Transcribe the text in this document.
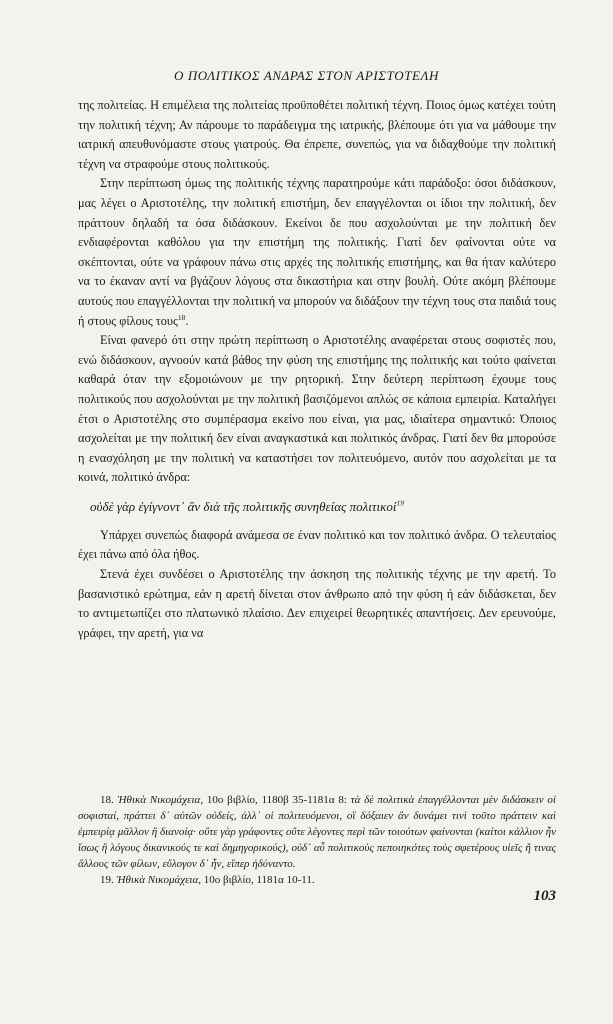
Ο ΠΟΛΙΤΙΚΟΣ ΑΝΔΡΑΣ ΣΤΟΝ ΑΡΙΣΤΟΤΕΛΗ

της πολιτείας. Η επιμέλεια της πολιτείας προϋποθέτει πολιτική τέχνη. Ποιος όμως κατέχει τούτη την πολιτική τέχνη; Αν πάρουμε το παράδειγμα της ιατρικής, βλέπουμε ότι για να μάθουμε την ιατρική απευθυνόμαστε στους γιατρούς. Θα έπρεπε, συνεπώς, για να διδαχθούμε την πολιτική τέχνη να στραφούμε στους πολιτικούς.

Στην περίπτωση όμως της πολιτικής τέχνης παρατηρούμε κάτι παράδοξο: όσοι διδάσκουν, μας λέγει ο Αριστοτέλης, την πολιτική επιστήμη, δεν επαγγέλονται οι ίδιοι την πολιτική, δεν πράττουν δηλαδή τα όσα διδάσκουν. Εκείνοι δε που ασχολούνται με την πολιτική δεν ενδιαφέρονται καθόλου για την επιστήμη της πολιτικής. Γιατί δεν φαίνονται ούτε να σκέπτονται, ούτε να γράφουν πάνω στις αρχές της πολιτικής επιστήμης, και θα ήταν καλύτερο να το έκαναν αντί να βγάζουν λόγους στα δικαστήρια και στην βουλή. Ούτε ακόμη βλέπουμε αυτούς που επαγγέλλονται την πολιτική να μπορούν να διδάξουν την τέχνη τους στα παιδιά τους ή στους φίλους τους$^{18}$.

Είναι φανερό ότι στην πρώτη περίπτωση ο Αριστοτέλης αναφέρεται στους σοφιστές που, ενώ διδάσκουν, αγνοούν κατά βάθος την φύση της επιστήμης της πολιτικής και τούτο φαίνεται καθαρά όταν την εξομοιώνουν με την ρητορική. Στην δεύτερη περίπτωση έχουμε τους πολιτικούς που ασχολούνται με την πολιτική βασιζόμενοι απλώς σε κάποια εμπειρία. Καταλήγει έτσι ο Αριστοτέλης στο συμπέρασμα εκείνο που είναι, για μας, ιδιαίτερα σημαντικό: Όποιος ασχολείται με την πολιτική δεν είναι αναγκαστικά και πολιτικός άνδρας. Γιατί δεν θα μπορούσε η ενασχόληση με την πολιτική να καταστήσει τον πολιτευόμενο, αυτόν που ασχολείται με τα κοινά, πολιτικό άνδρα:

οὐδὲ γὰρ ἐγίγνοντ᾽ ἂν διὰ τῆς πολιτικῆς συνηθείας πολιτικοί$^{19}$

Υπάρχει συνεπώς διαφορά ανάμεσα σε έναν πολιτικό και τον πολιτικό άνδρα. Ο τελευταίος έχει πάνω από όλα ήθος.

Στενά έχει συνδέσει ο Αριστοτέλης την άσκηση της πολιτικής τέχνης με την αρετή. Το βασανιστικό ερώτημα, εάν η αρετή δίνεται στον άνθρωπο από την φύση ή εάν διδάσκεται, δεν το αντιμετωπίζει στο πλατωνικό πλαίσιο. Δεν επιχειρεί θεωρητικές απαντήσεις. Δεν ερευνούμε, γράφει, την αρετή, για να

18. Ἠθικὰ Νικομάχεια, 10ο βιβλίο, 1180β 35-1181α 8: τὰ δὲ πολιτικὰ ἐπαγγέλλονται μὲν διδάσκειν οἱ σοφισταί, πράττει δ᾽ αὐτῶν οὐδείς, ἀλλ᾽ οἱ πολιτευόμενοι, οἳ δόξαιεν ἂν δυνάμει τινὶ τοῦτο πράττειν καὶ ἐμπειρίᾳ μᾶλλον ἢ διανοίᾳ· οὔτε γὰρ γράφοντες οὔτε λέγοντες περὶ τῶν τοιούτων φαίνονται (καίτοι κάλλιον ἦν ἴσως ἢ λόγους δικανικούς τε καὶ δημηγορικούς), οὐδ᾽ αὖ πολιτικοὺς πεποιηκότες τοὺς σφετέρους υἱεῖς ἤ τινας ἄλλους τῶν φίλων, εὔλογον δ᾽ ἦν, εἴπερ ἠδύναντο.

19. Ἠθικὰ Νικομάχεια, 10ο βιβλίο, 1181α 10-11.

103
